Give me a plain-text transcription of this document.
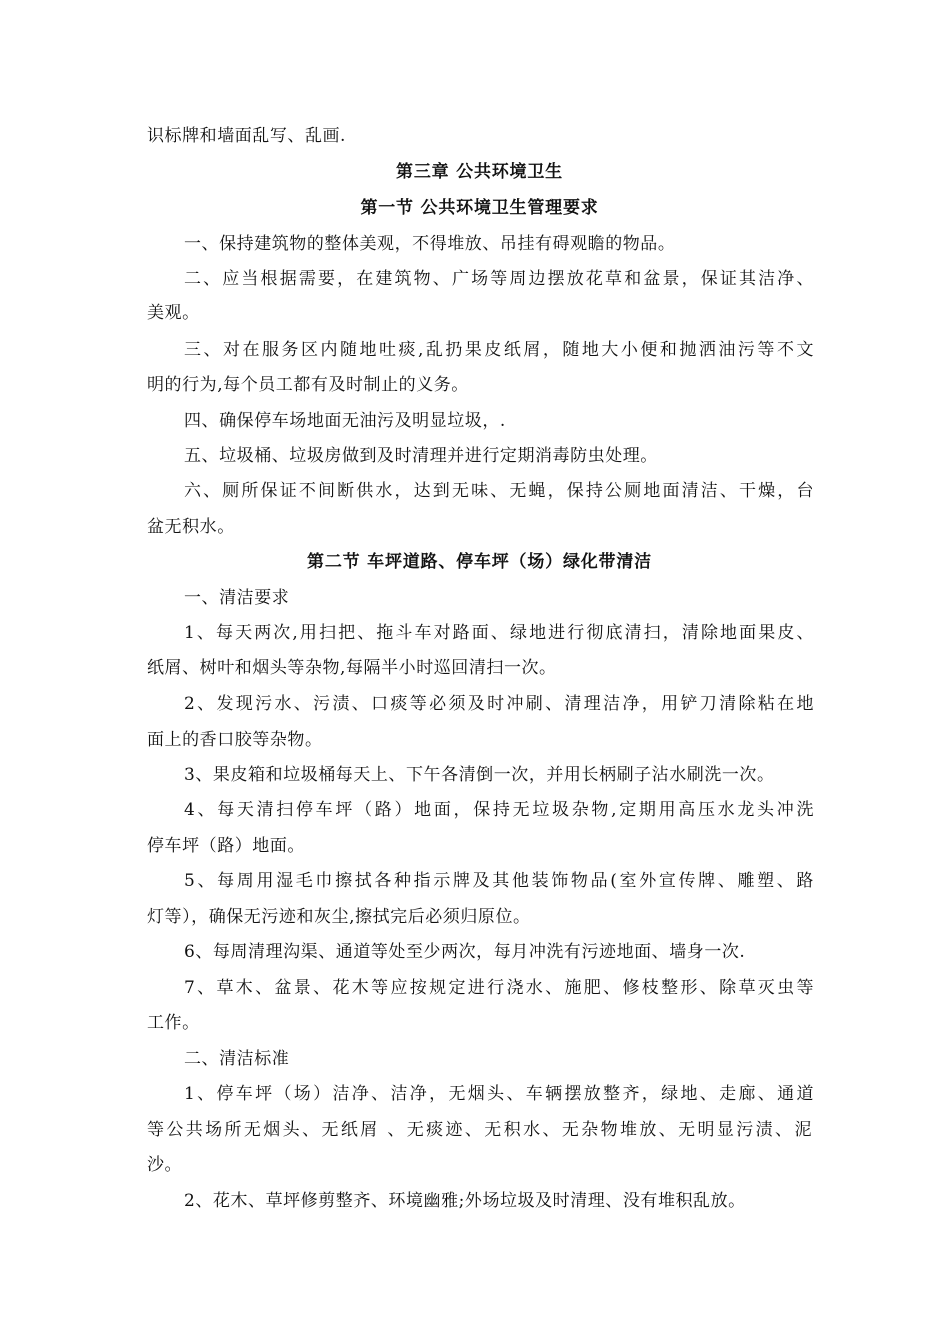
识标牌和墙面乱写、乱画.
第三章 公共环境卫生
第一节 公共环境卫生管理要求
一、保持建筑物的整体美观，不得堆放、吊挂有碍观瞻的物品。
二、应当根据需要，在建筑物、广场等周边摆放花草和盆景，保证其洁净、
美观。
三、对在服务区内随地吐痰,乱扔果皮纸屑，随地大小便和抛洒油污等不文
明的行为,每个员工都有及时制止的义务。
四、确保停车场地面无油污及明显垃圾，.
五、垃圾桶、垃圾房做到及时清理并进行定期消毒防虫处理。
六、厕所保证不间断供水，达到无味、无蝇，保持公厕地面清洁、干燥，台
盆无积水。
第二节 车坪道路、停车坪（场）绿化带清洁
一、清洁要求
1、每天两次,用扫把、拖斗车对路面、绿地进行彻底清扫，清除地面果皮、
纸屑、树叶和烟头等杂物,每隔半小时巡回清扫一次。
2、发现污水、污渍、口痰等必须及时冲刷、清理洁净，用铲刀清除粘在地
面上的香口胶等杂物。
3、果皮箱和垃圾桶每天上、下午各清倒一次，并用长柄刷子沾水刷洗一次。
4、每天清扫停车坪（路）地面，保持无垃圾杂物,定期用高压水龙头冲洗
停车坪（路）地面。
5、每周用湿毛巾擦拭各种指示牌及其他装饰物品(室外宣传牌、雕塑、路
灯等），确保无污迹和灰尘,擦拭完后必须归原位。
6、每周清理沟渠、通道等处至少两次，每月冲洗有污迹地面、墙身一次.
7、草木、盆景、花木等应按规定进行浇水、施肥、修枝整形、除草灭虫等
工作。
二、清洁标准
1、停车坪（场）洁净、洁净，无烟头、车辆摆放整齐，绿地、走廊、通道
等公共场所无烟头、无纸屑 、无痰迹、无积水、无杂物堆放、无明显污渍、泥
沙。
2、花木、草坪修剪整齐、环境幽雅;外场垃圾及时清理、没有堆积乱放。
